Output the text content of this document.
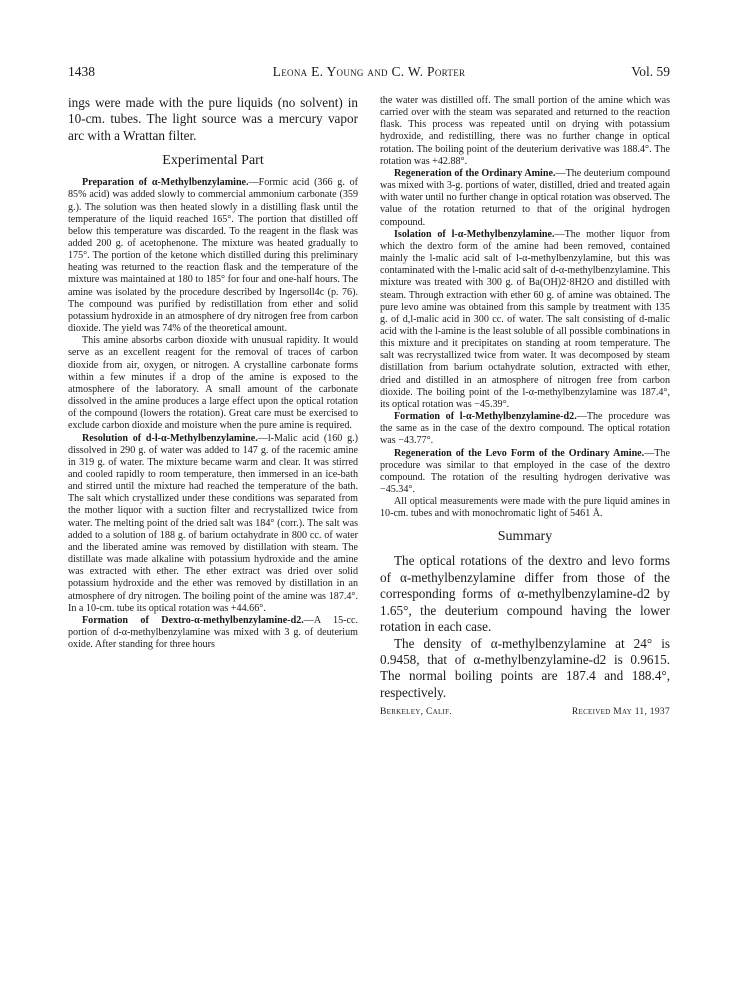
1438	Leona E. Young and C. W. Porter	Vol. 59

ings were made with the pure liquids (no solvent) in 10-cm. tubes. The light source was a mercury vapor arc with a Wrattan filter.

Experimental Part

Preparation of α-Methylbenzylamine.—Formic acid (366 g. of 85% acid) was added slowly to commercial ammonium carbonate (359 g.). The solution was then heated slowly in a distilling flask until the temperature of the liquid reached 165°. The portion that distilled off below this temperature was discarded. To the reagent in the flask was added 200 g. of acetophenone. The mixture was heated gradually to 175°. The portion of the ketone which distilled during this preliminary heating was returned to the reaction flask and the temperature of the mixture was maintained at 180 to 185° for four and one-half hours. The amine was isolated by the procedure described by Ingersoll4c (p. 76). The compound was purified by redistillation from ether and solid potassium hydroxide in an atmosphere of dry nitrogen free from carbon dioxide. The yield was 74% of the theoretical amount.

This amine absorbs carbon dioxide with unusual rapidity. It would serve as an excellent reagent for the removal of traces of carbon dioxide from air, oxygen, or nitrogen. A crystalline carbonate forms within a few minutes if a drop of the amine is exposed to the atmosphere of the laboratory. A small amount of the carbonate dissolved in the amine produces a large effect upon the optical rotation of the compound (lowers the rotation). Great care must be exercised to exclude carbon dioxide and moisture when the pure amine is required.

Resolution of d-l-α-Methylbenzylamine.—l-Malic acid (160 g.) dissolved in 290 g. of water was added to 147 g. of the racemic amine in 319 g. of water. The mixture became warm and clear. It was stirred and cooled rapidly to room temperature, then immersed in an ice-bath and stirred until the mixture had reached the temperature of the bath. The salt which crystallized under these conditions was separated from the mother liquor with a suction filter and recrystallized twice from water. The melting point of the dried salt was 184° (corr.). The salt was added to a solution of 188 g. of barium octahydrate in 800 cc. of water and the liberated amine was removed by distillation with steam. The distillate was made alkaline with potassium hydroxide and the amine was extracted with ether. The ether extract was dried over solid potassium hydroxide and the ether was removed by distillation in an atmosphere of dry nitrogen. The boiling point of the amine was 187.4°. In a 10-cm. tube its optical rotation was +44.66°.

Formation of Dextro-α-methylbenzylamine-d2.—A 15-cc. portion of d-α-methylbenzylamine was mixed with 3 g. of deuterium oxide. After standing for three hours

the water was distilled off. The small portion of the amine which was carried over with the steam was separated and returned to the reaction flask. This process was repeated until on drying with potassium hydroxide, and redistilling, there was no further change in optical rotation. The boiling point of the deuterium derivative was 188.4°. The rotation was +42.88°.

Regeneration of the Ordinary Amine.—The deuterium compound was mixed with 3-g. portions of water, distilled, dried and treated again with water until no further change in optical rotation was observed. The value of the rotation returned to that of the original hydrogen compound.

Isolation of l-α-Methylbenzylamine.—The mother liquor from which the dextro form of the amine had been removed, contained mainly the l-malic acid salt of l-α-methylbenzylamine, but this was contaminated with the l-malic acid salt of d-α-methylbenzylamine. This mixture was treated with 300 g. of Ba(OH)2·8H2O and distilled with steam. Through extraction with ether 60 g. of amine was obtained. The pure levo amine was obtained from this sample by treatment with 135 g. of d,l-malic acid in 300 cc. of water. The salt consisting of d-malic acid with the l-amine is the least soluble of all possible combinations in this mixture and it precipitates on standing at room temperature. The salt was recrystallized twice from water. It was decomposed by steam distillation from barium octahydrate solution, extracted with ether, dried and distilled in an atmosphere of nitrogen free from carbon dioxide. The boiling point of the l-α-methylbenzylamine was 187.4°, its optical rotation was −45.39°.

Formation of l-α-Methylbenzylamine-d2.—The procedure was the same as in the case of the dextro compound. The optical rotation was −43.77°.

Regeneration of the Levo Form of the Ordinary Amine.—The procedure was similar to that employed in the case of the dextro compound. The rotation of the resulting hydrogen derivative was −45.34°.

All optical measurements were made with the pure liquid amines in 10-cm. tubes and with monochromatic light of 5461 Å.

Summary

The optical rotations of the dextro and levo forms of α-methylbenzylamine differ from those of the corresponding forms of α-methylbenzylamine-d2 by 1.65°, the deuterium compound having the lower rotation in each case.

The density of α-methylbenzylamine at 24° is 0.9458, that of α-methylbenzylamine-d2 is 0.9615. The normal boiling points are 187.4 and 188.4°, respectively.

Berkeley, Calif.	Received May 11, 1937
